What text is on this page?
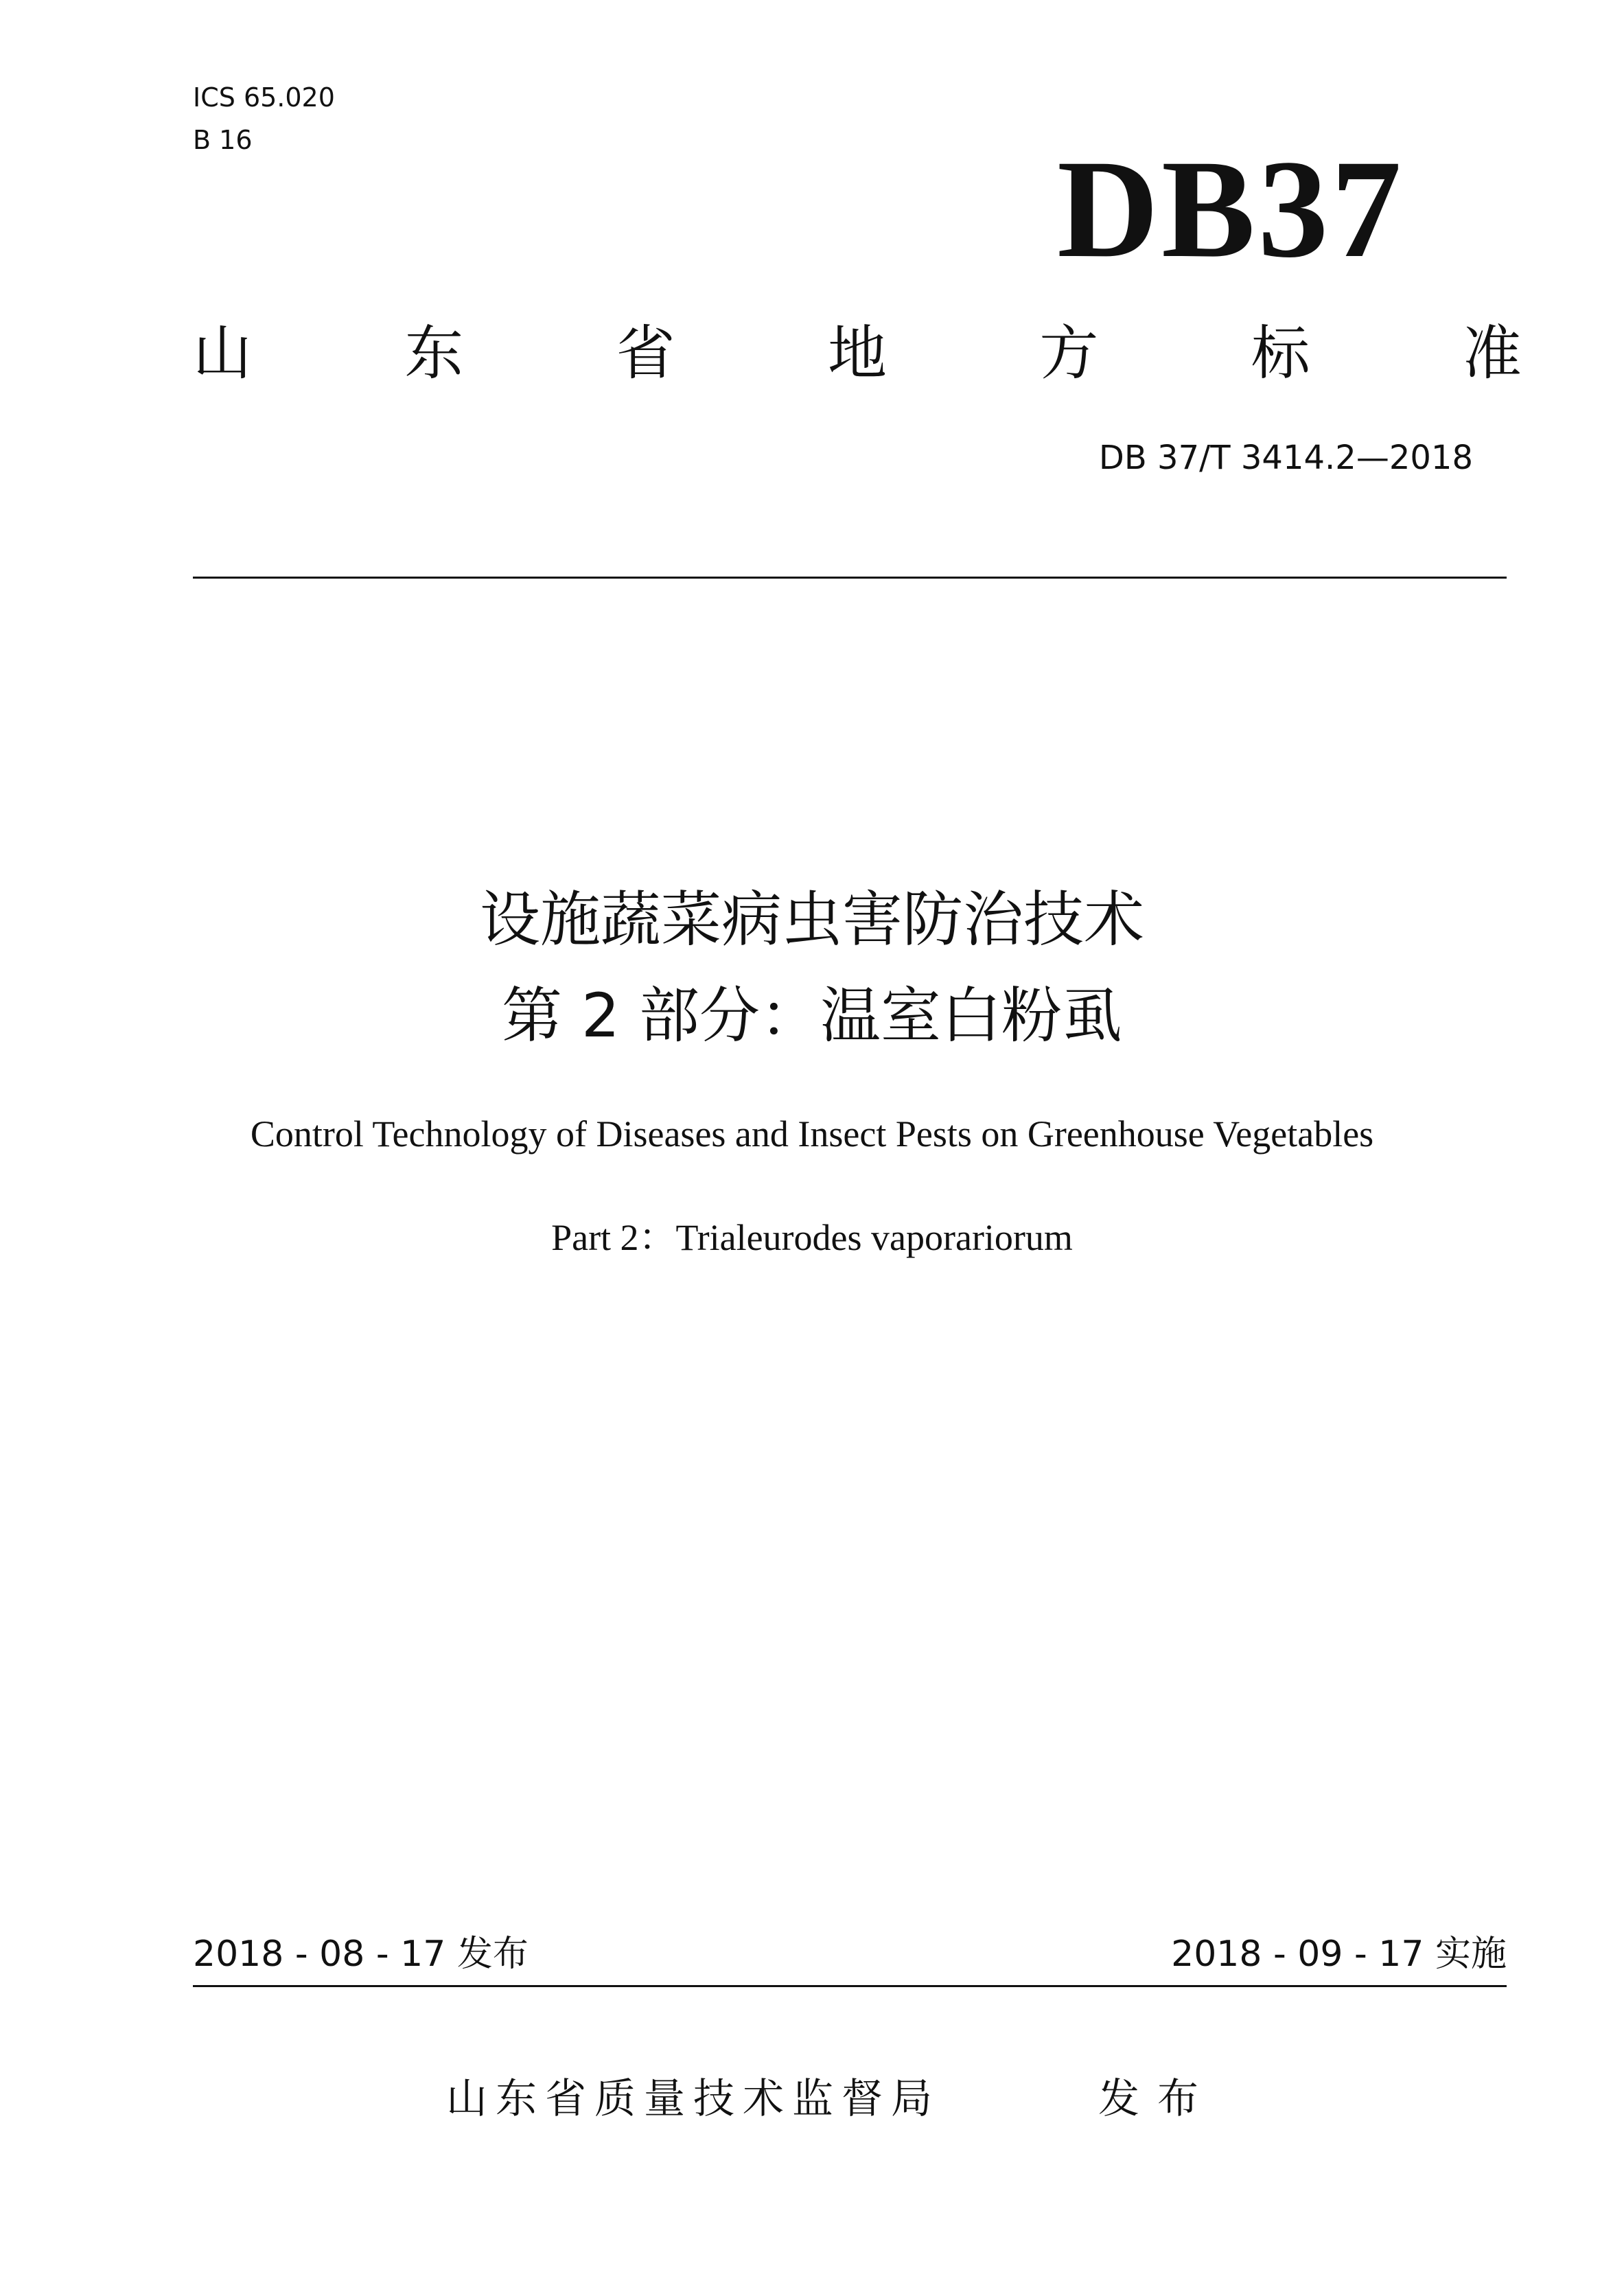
ICS 65.020
B 16	DB37
山	东	省	地	方	标	准
DB 37/T 3414.2—2018
设施蔬菜病虫害防治技术
第 2 部分：温室白粉虱
Control Technology of Diseases and Insect Pests on Greenhouse Vegetables
Part 2：Trialeurodes vaporariorum
2018 - 08 - 17 发布	2018 - 09 - 17 实施
山东省质量技术监督局	发布
